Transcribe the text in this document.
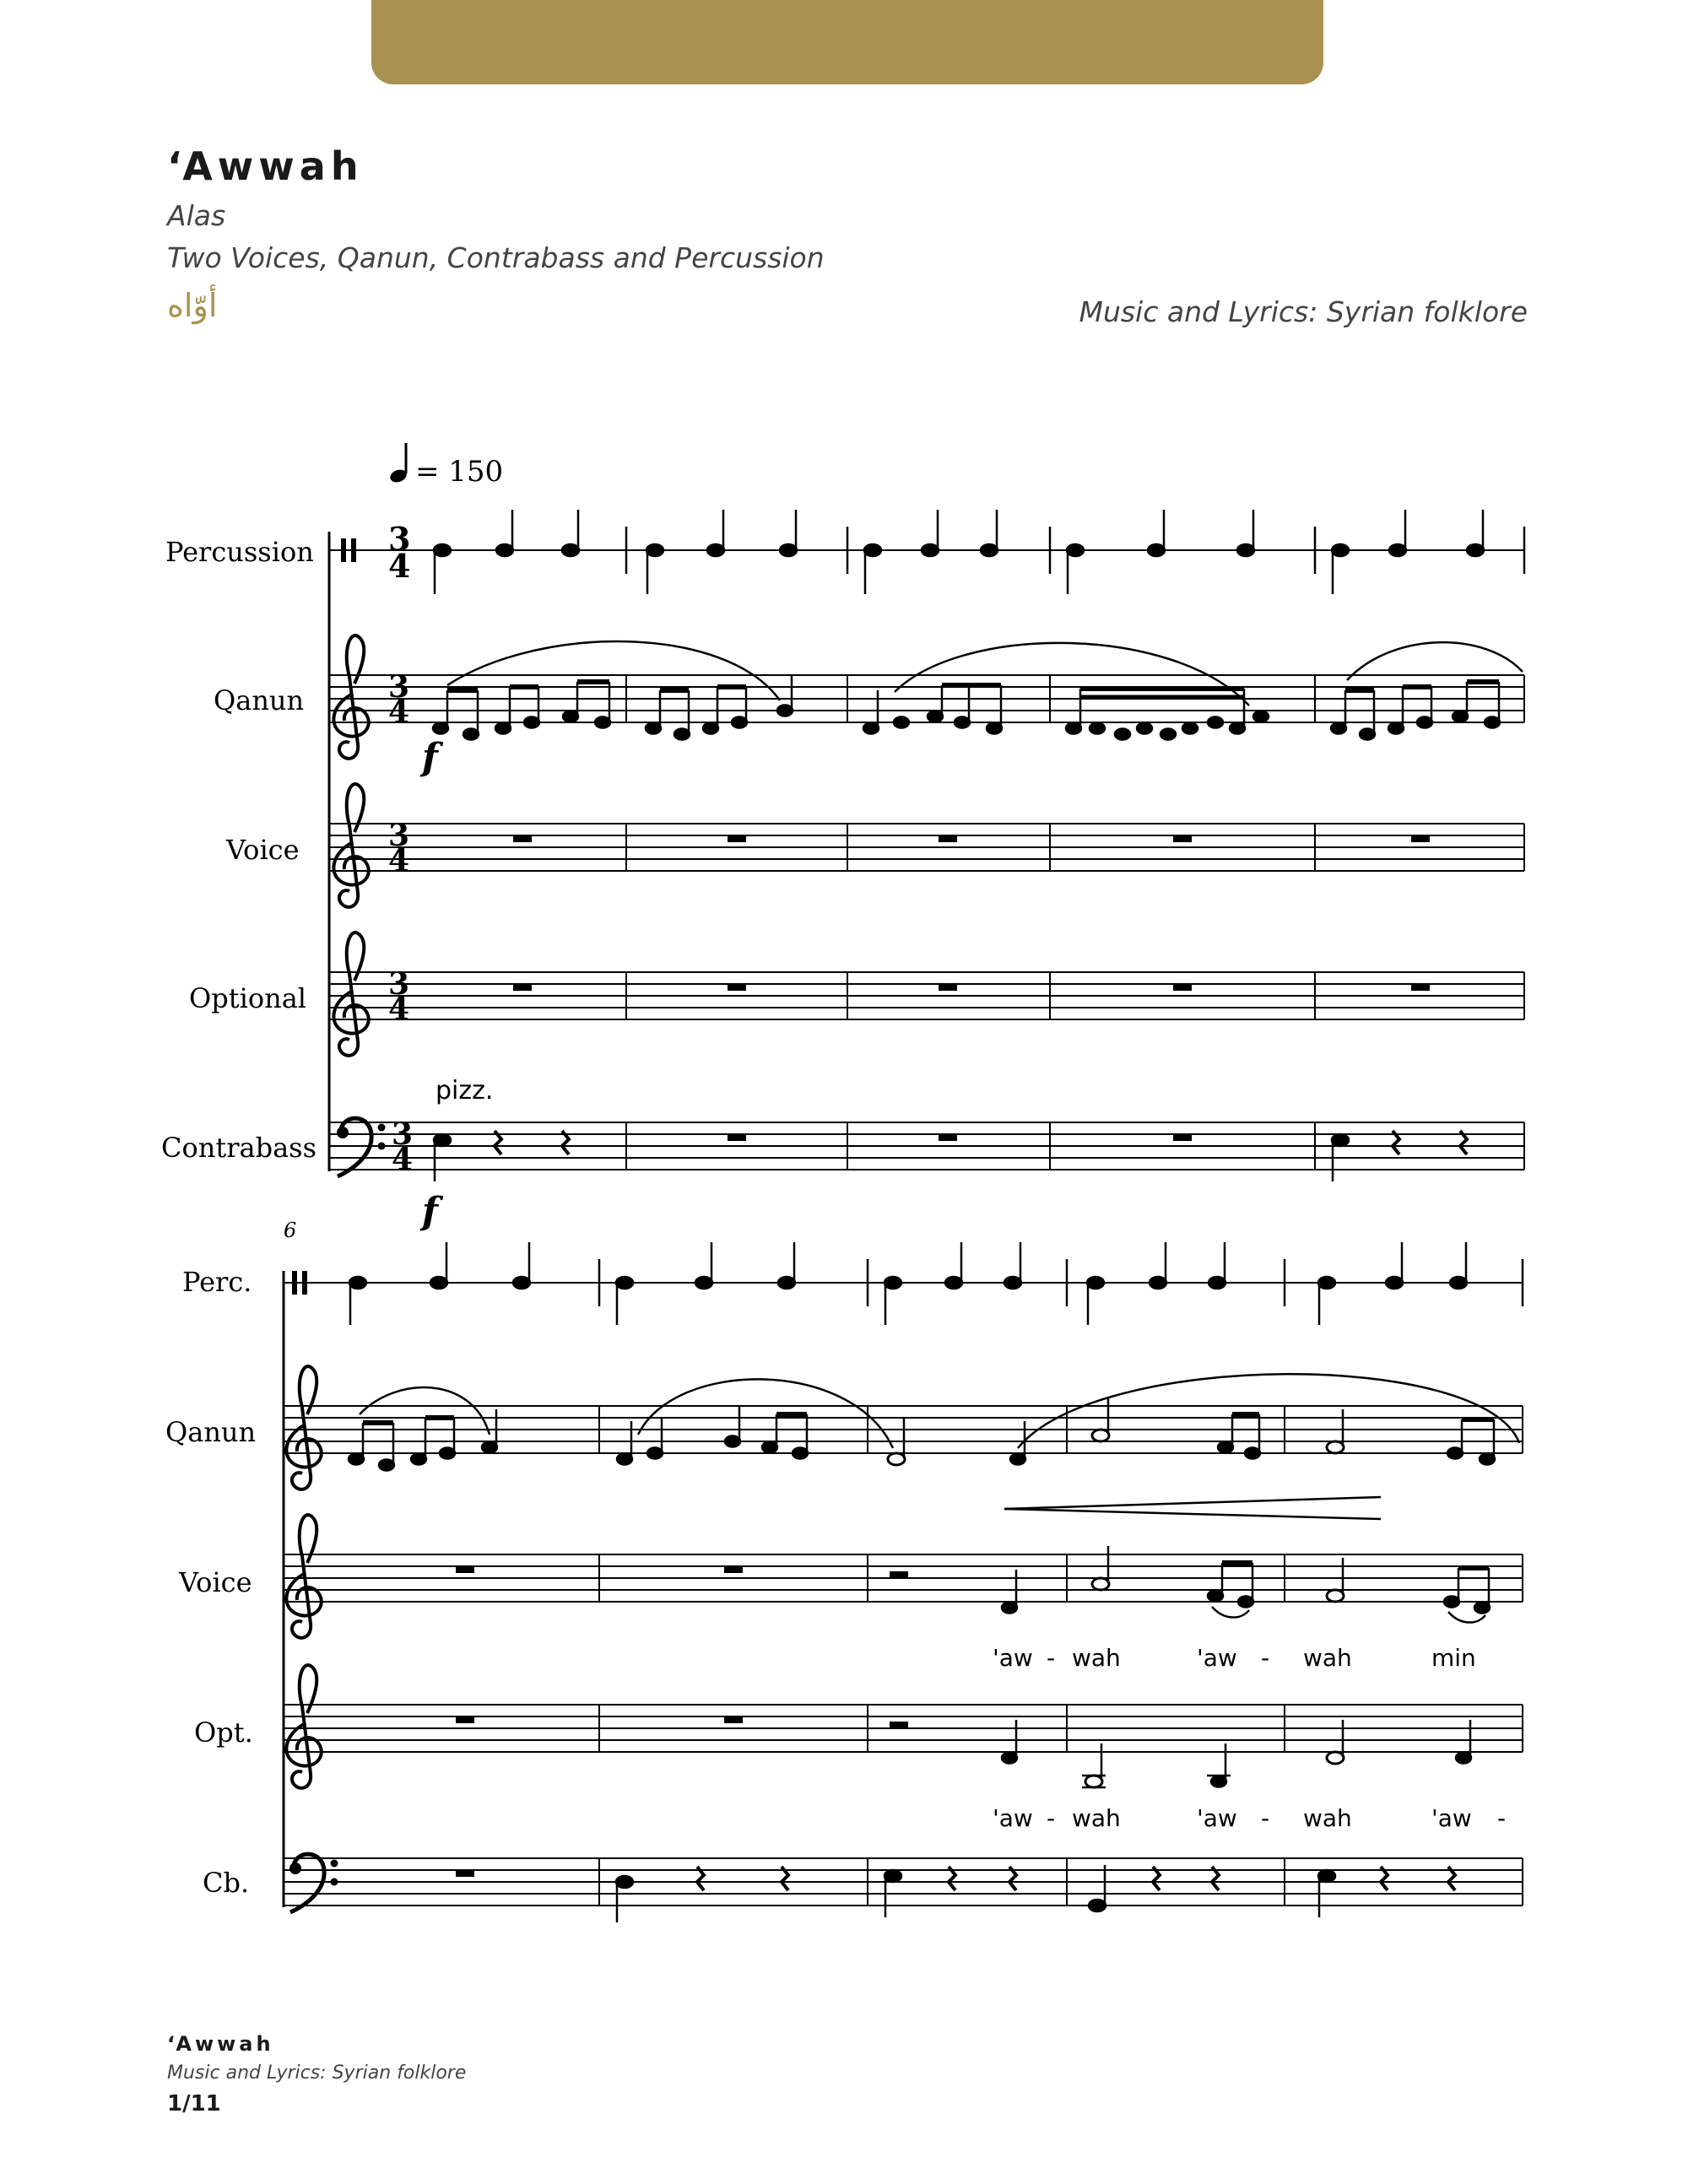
‘Awwah
Alas
Two Voices, Qanun, Contrabass and Percussion
أوّاه	Music and Lyrics: Syrian folklore
= 150
Percussion
Qanun
Voice
Optional
Contrabass
3
4
3
4
f
3
4
3
4
pizz.
3
4
f
6
Perc.
Qanun
Voice
Opt.
Cb.
'aw - wah	'aw - wah	min
'aw - wah	'aw - wah	'aw -
‘Awwah
Music and Lyrics: Syrian folklore
1/11
